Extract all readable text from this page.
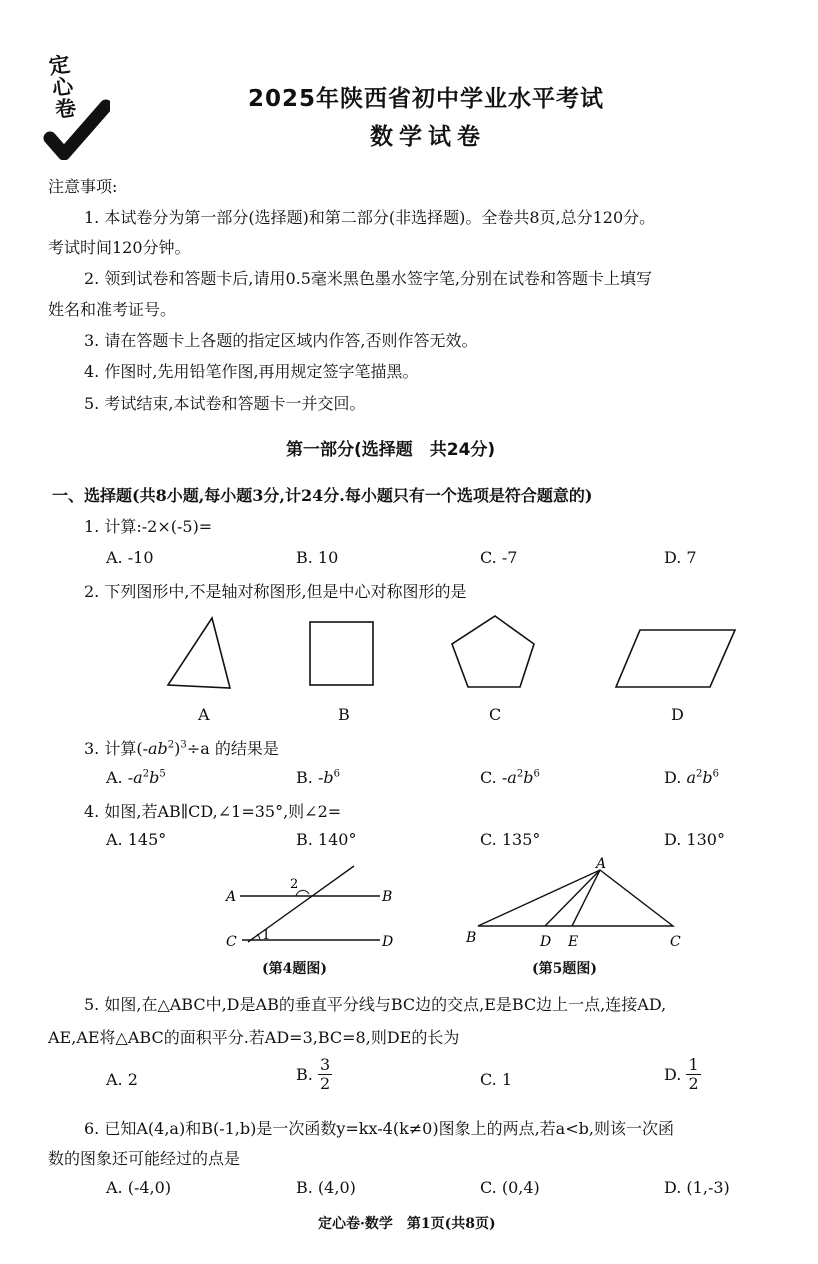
定心卷	2025年陕西省初中学业水平考试
数学试卷
注意事项:
1. 本试卷分为第一部分(选择题)和第二部分(非选择题)。全卷共8页,总分120分。
考试时间120分钟。
2. 领到试卷和答题卡后,请用0.5毫米黑色墨水签字笔,分别在试卷和答题卡上填写
姓名和准考证号。
3. 请在答题卡上各题的指定区域内作答,否则作答无效。
4. 作图时,先用铅笔作图,再用规定签字笔描黑。
5. 考试结束,本试卷和答题卡一并交回。
第一部分(选择题　共24分)
一、选择题(共8小题,每小题3分,计24分.每小题只有一个选项是符合题意的)
1. 计算:-2×(-5)=
A. -10	B. 10	C. -7	D. 7
2. 下列图形中,不是轴对称图形,但是中心对称图形的是
A	B	C	D
3. 计算$(-ab^2)^3\div a$ 的结果是
A. $-a^2b^5$	B. $-b^6$	C. $-a^2b^6$	D. $a^2b^6$
4. 如图,若AB∥CD,∠1=35°,则∠2=
A. 145°	B. 140°	C. 135°	D. 130°
A	B
C	D
1
2
(第4题图)
A
B	C
D E
(第5题图)
5. 如图,在△ABC中,D是AB的垂直平分线与BC边的交点,E是BC边上一点,连接AD,
AE,AE将△ABC的面积平分.若AD=3,BC=8,则DE的长为
A. 2	B. $\frac{3}{2}$	C. 1	D. $\frac{1}{2}$
6. 已知A(4,a)和B(-1,b)是一次函数y=kx-4(k≠0)图象上的两点,若a<b,则该一次函
数的图象还可能经过的点是
A. (-4,0)	B. (4,0)	C. (0,4)	D. (1,-3)
定心卷·数学　第1页(共8页)
